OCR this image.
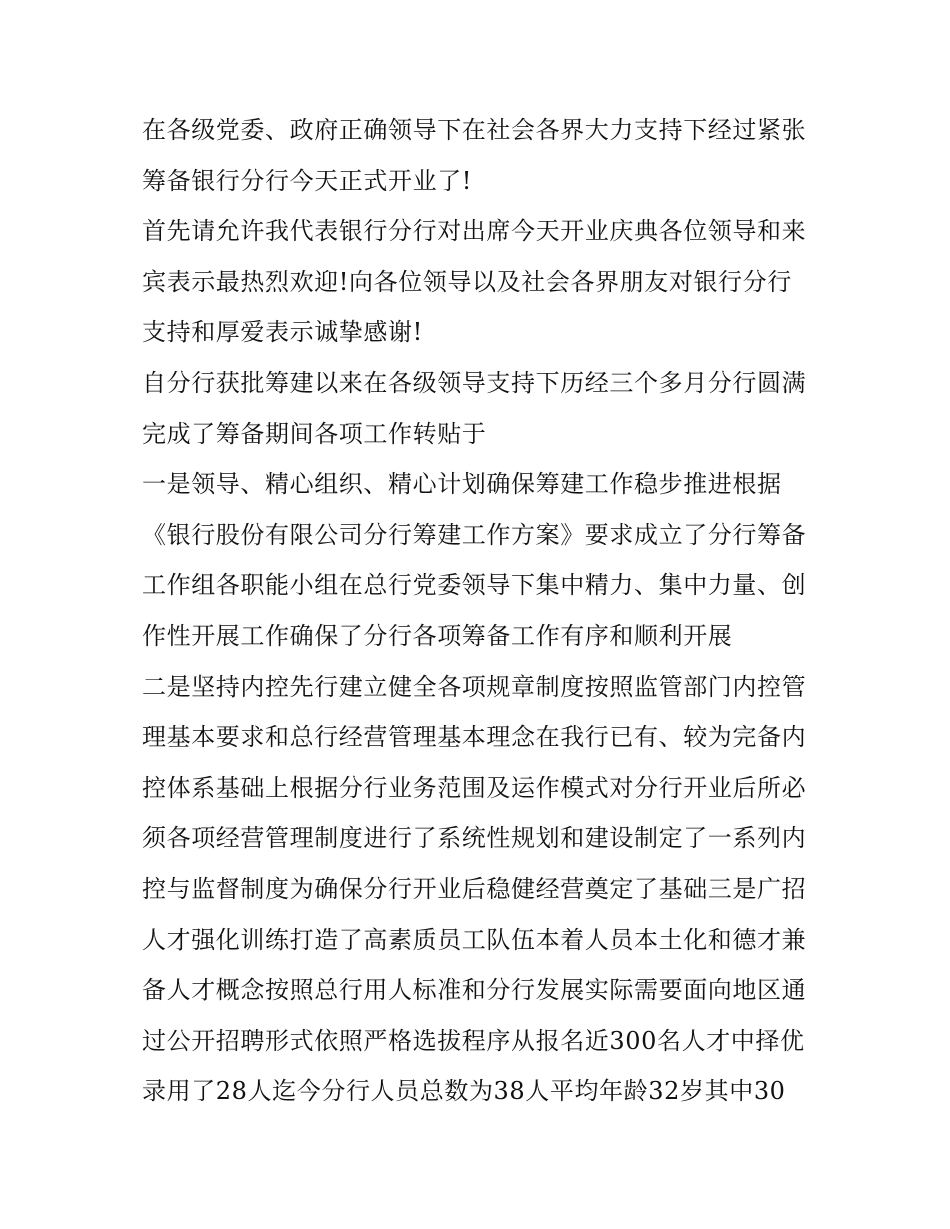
在各级党委、政府正确领导下在社会各界大力支持下经过紧张
筹备银行分行今天正式开业了!
首先请允许我代表银行分行对出席今天开业庆典各位领导和来
宾表示最热烈欢迎!向各位领导以及社会各界朋友对银行分行
支持和厚爱表示诚挚感谢!
自分行获批筹建以来在各级领导支持下历经三个多月分行圆满
完成了筹备期间各项工作转贴于
一是领导、精心组织、精心计划确保筹建工作稳步推进根据
《银行股份有限公司分行筹建工作方案》要求成立了分行筹备
工作组各职能小组在总行党委领导下集中精力、集中力量、创
作性开展工作确保了分行各项筹备工作有序和顺利开展
二是坚持内控先行建立健全各项规章制度按照监管部门内控管
理基本要求和总行经营管理基本理念在我行已有、较为完备内
控体系基础上根据分行业务范围及运作模式对分行开业后所必
须各项经营管理制度进行了系统性规划和建设制定了一系列内
控与监督制度为确保分行开业后稳健经营奠定了基础三是广招
人才强化训练打造了高素质员工队伍本着人员本土化和德才兼
备人才概念按照总行用人标准和分行发展实际需要面向地区通
过公开招聘形式依照严格选拔程序从报名近300名人才中择优
录用了28人迄今分行人员总数为38人平均年龄32岁其中30
